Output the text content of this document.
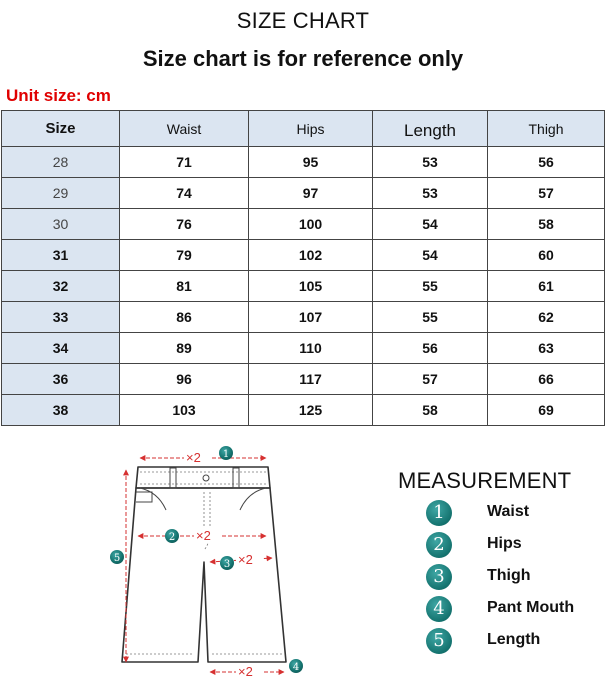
SIZE CHART
Size chart is for reference only
Unit size: cm
Size	Waist	Hips	Length	Thigh
28	71	95	53	56
29	74	97	53	57
30	76	100	54	58
31	79	102	54	60
32	81	105	55	61
33	86	107	55	62
34	89	110	56	63
36	96	117	57	66
38	103	125	58	69
×2 1
2 ×2
3 ×2
×2	4
5
MEASUREMENT
1	Waist
2	Hips
3	Thigh
4	Pant Mouth
5	Length
